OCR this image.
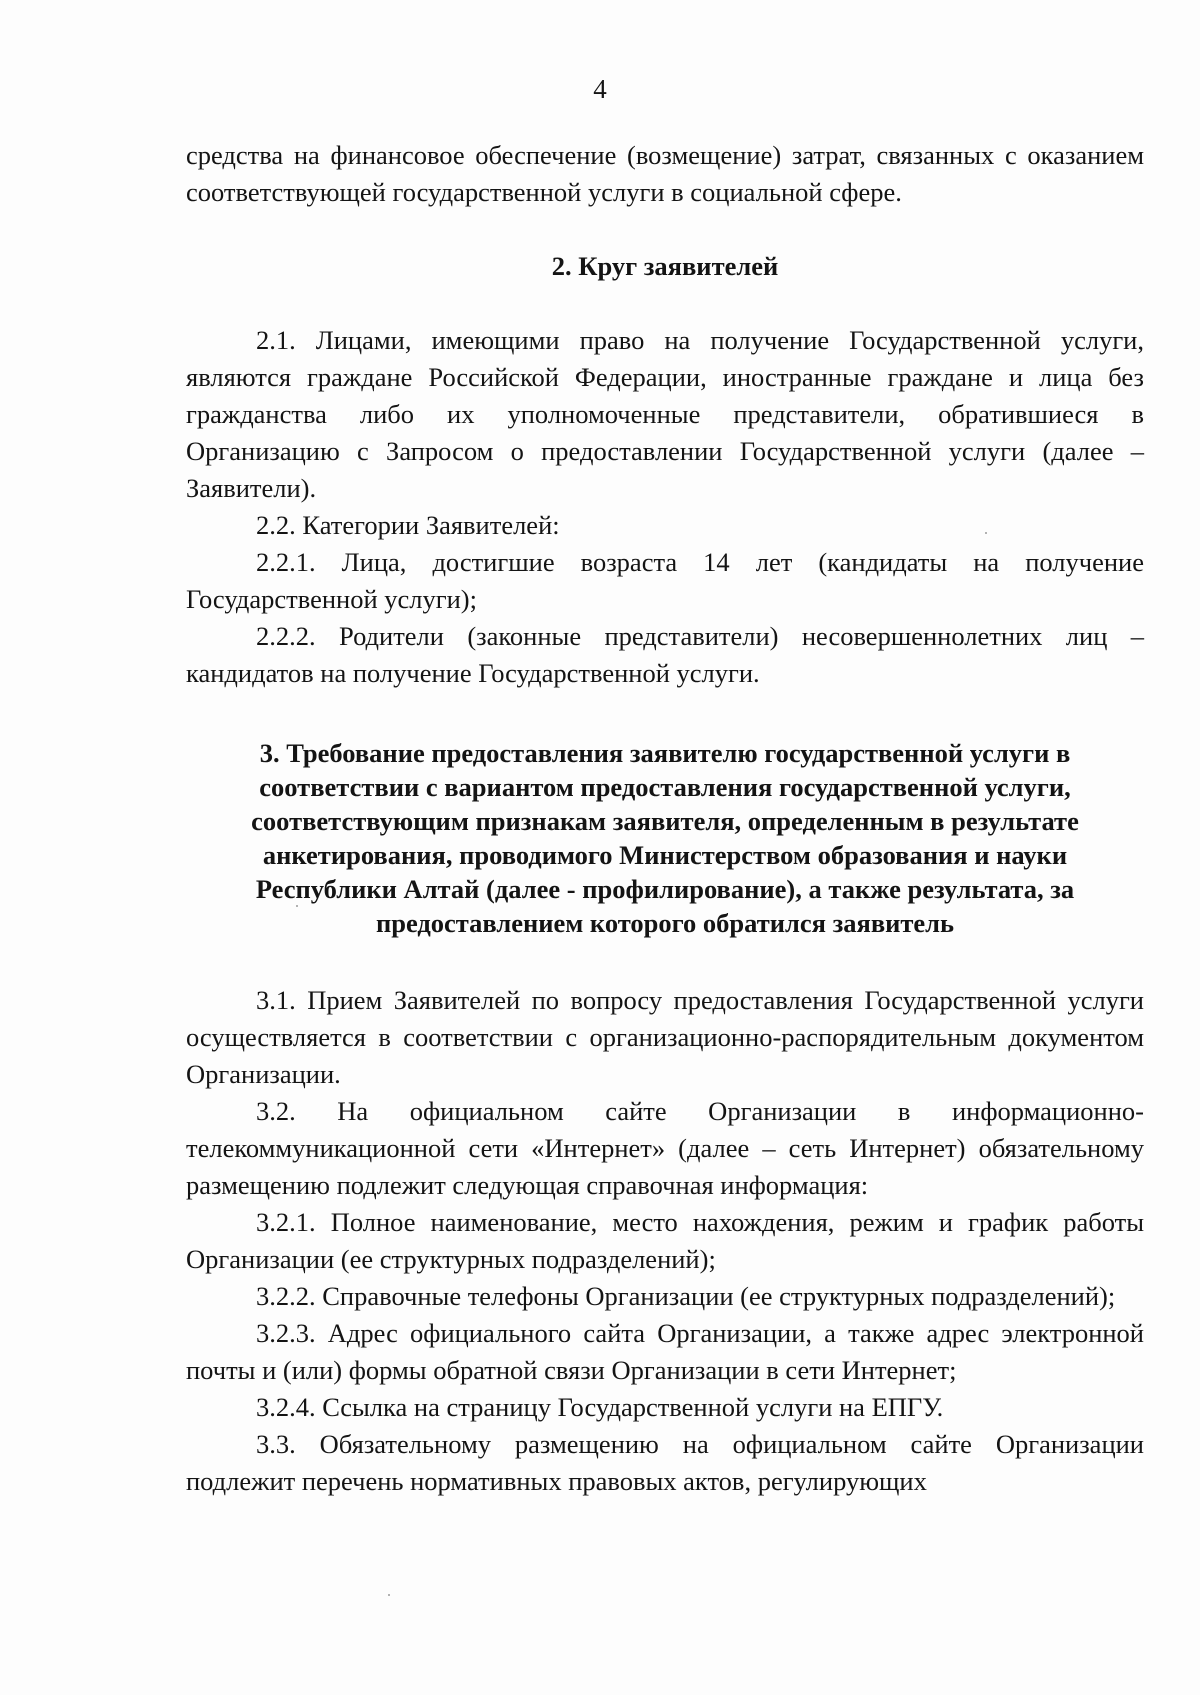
4

средства на финансовое обеспечение (возмещение) затрат, связанных с оказанием соответствующей государственной услуги в социальной сфере.

2. Круг заявителей

2.1. Лицами, имеющими право на получение Государственной услуги, являются граждане Российской Федерации, иностранные граждане и лица без гражданства либо их уполномоченные представители, обратившиеся в Организацию с Запросом о предоставлении Государственной услуги (далее – Заявители).

2.2. Категории Заявителей:

2.2.1. Лица, достигшие возраста 14 лет (кандидаты на получение Государственной услуги);

2.2.2. Родители (законные представители) несовершеннолетних лиц – кандидатов на получение Государственной услуги.

3. Требование предоставления заявителю государственной услуги в соответствии с вариантом предоставления государственной услуги, соответствующим признакам заявителя, определенным в результате анкетирования, проводимого Министерством образования и науки Республики Алтай (далее - профилирование), а также результата, за предоставлением которого обратился заявитель

3.1. Прием Заявителей по вопросу предоставления Государственной услуги осуществляется в соответствии с организационно-распорядительным документом Организации.

3.2. На официальном сайте Организации в информационно-телекоммуникационной сети «Интернет» (далее – сеть Интернет) обязательному размещению подлежит следующая справочная информация:

3.2.1. Полное наименование, место нахождения, режим и график работы Организации (ее структурных подразделений);

3.2.2. Справочные телефоны Организации (ее структурных подразделений);

3.2.3. Адрес официального сайта Организации, а также адрес электронной почты и (или) формы обратной связи Организации в сети Интернет;

3.2.4. Ссылка на страницу Государственной услуги на ЕПГУ.

3.3. Обязательному размещению на официальном сайте Организации подлежит перечень нормативных правовых актов, регулирующих
